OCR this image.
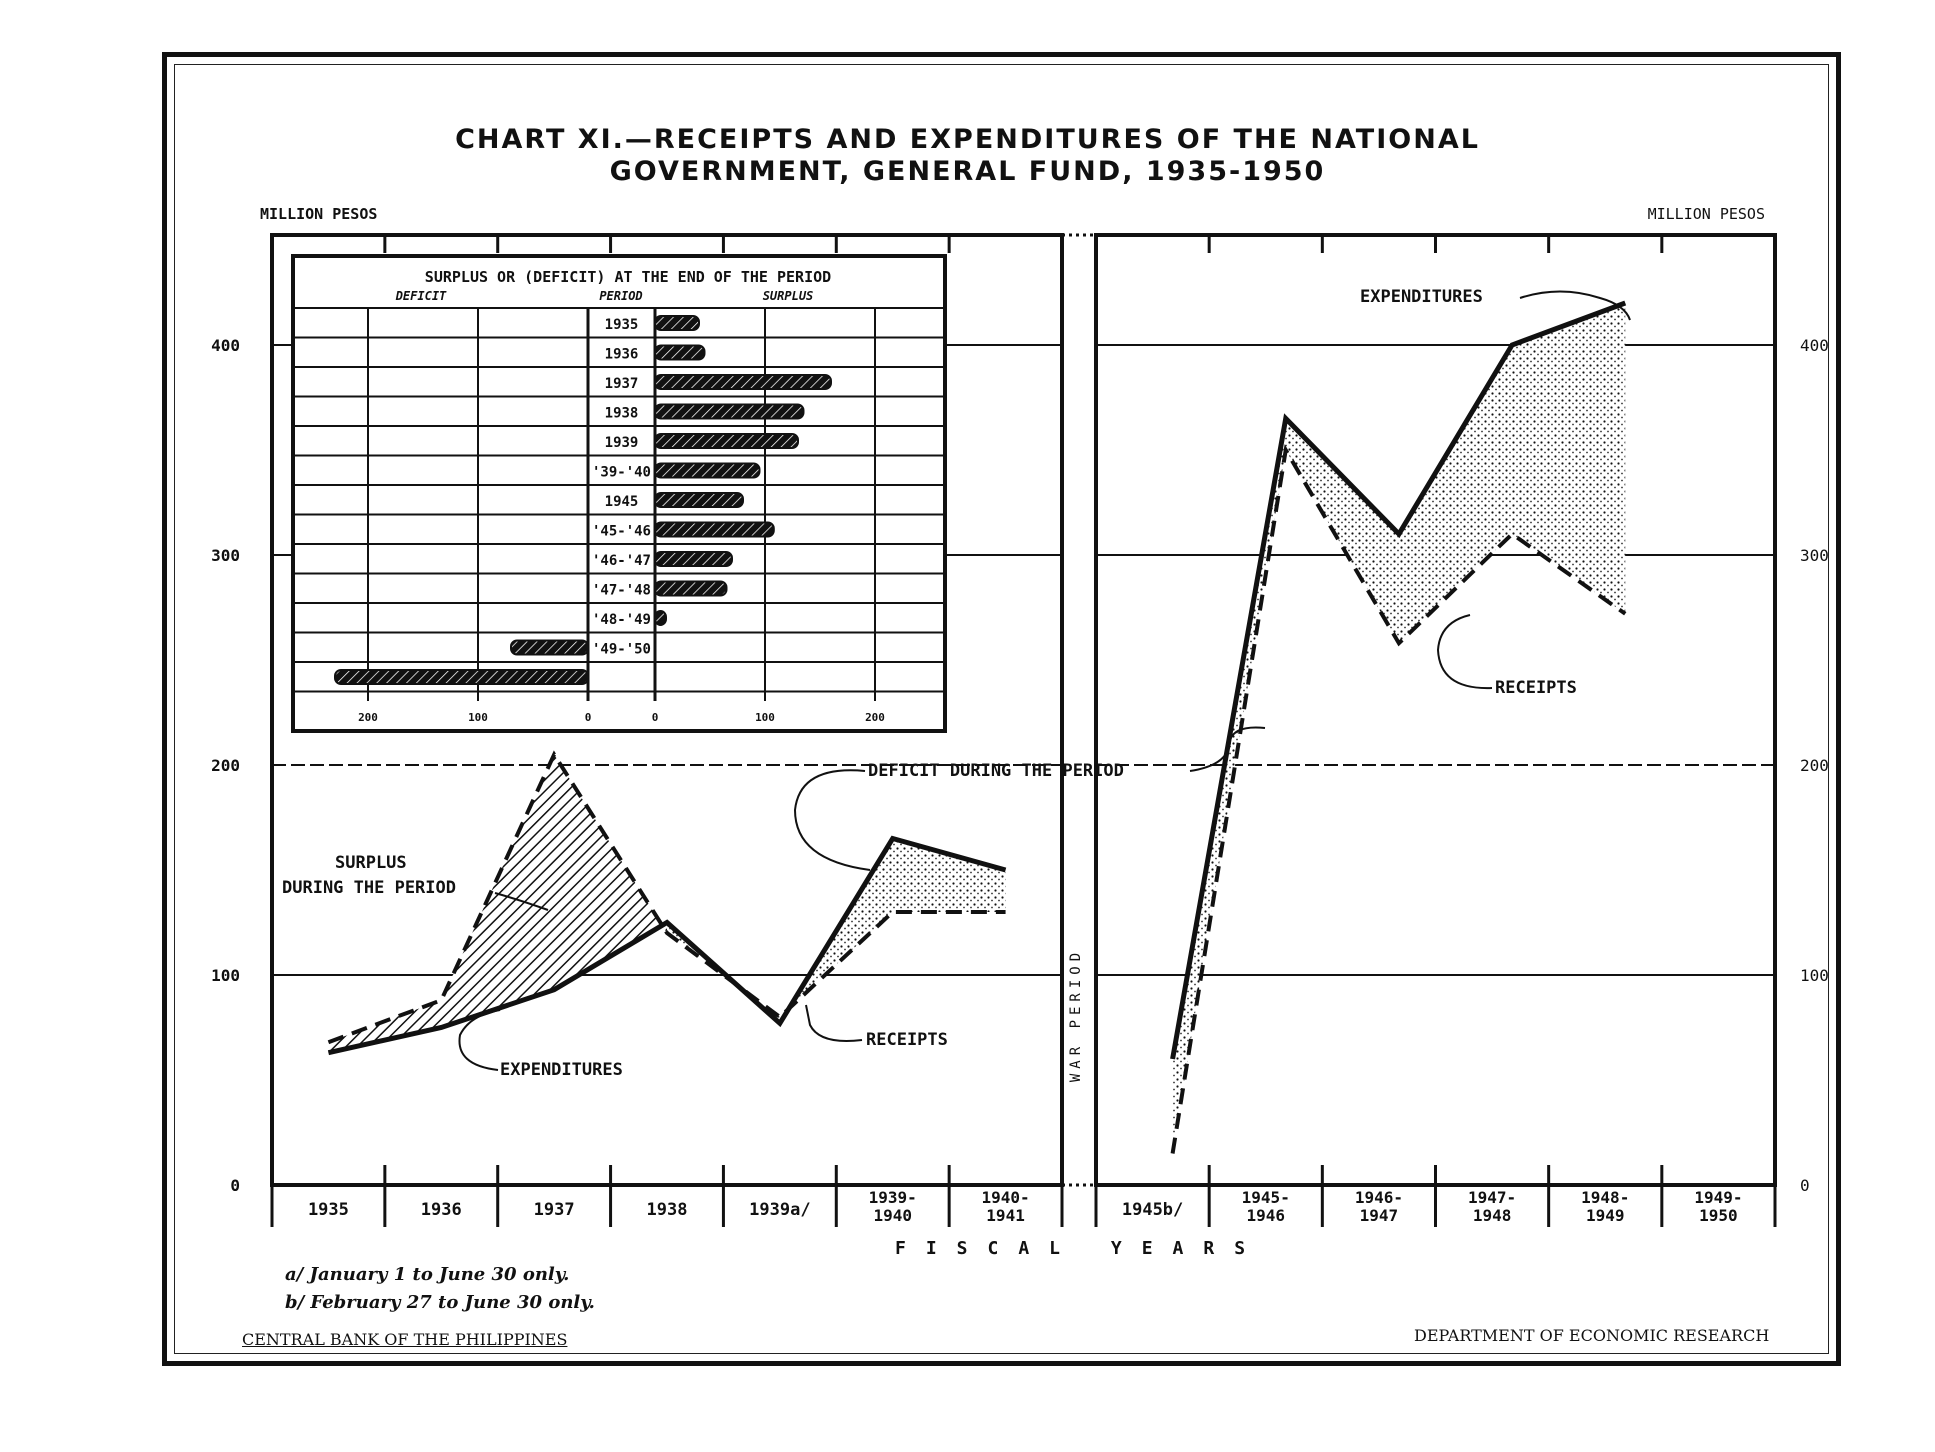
CHART XI.—RECEIPTS AND EXPENDITURES OF THE NATIONAL
GOVERNMENT, GENERAL FUND, 1935-1950
SURPLUS OR (DEFICIT) AT THE END OF THE PERIOD
DEFICIT	PERIOD	SURPLUS
1935
1936
1937
1938
1939
'39-'40
1945
'45-'46
'46-'47
'47-'48
'48-'49
'49-'50
200	100	0	0	100	200
0
100
200
300
400
0
100
200
300
400
MILLION PESOS	MILLION PESOS
1935	1936	1937	1938	1939a/
1939-
1940
1940-
1941	1945b/
1945-
1946
1946-
1947
1947-
1948
1948-
1949
1949-
1950
WAR PERIOD
SURPLUS
DURING THE PERIOD
EXPENDITURES
RECEIPTS
DEFICIT DURING THE PERIOD
EXPENDITURES
RECEIPTS
FISCAL YEARS
a/ January 1 to June 30 only.
b/ February 27 to June 30 only.
CENTRAL BANK OF THE PHILIPPINES	DEPARTMENT OF ECONOMIC RESEARCH
